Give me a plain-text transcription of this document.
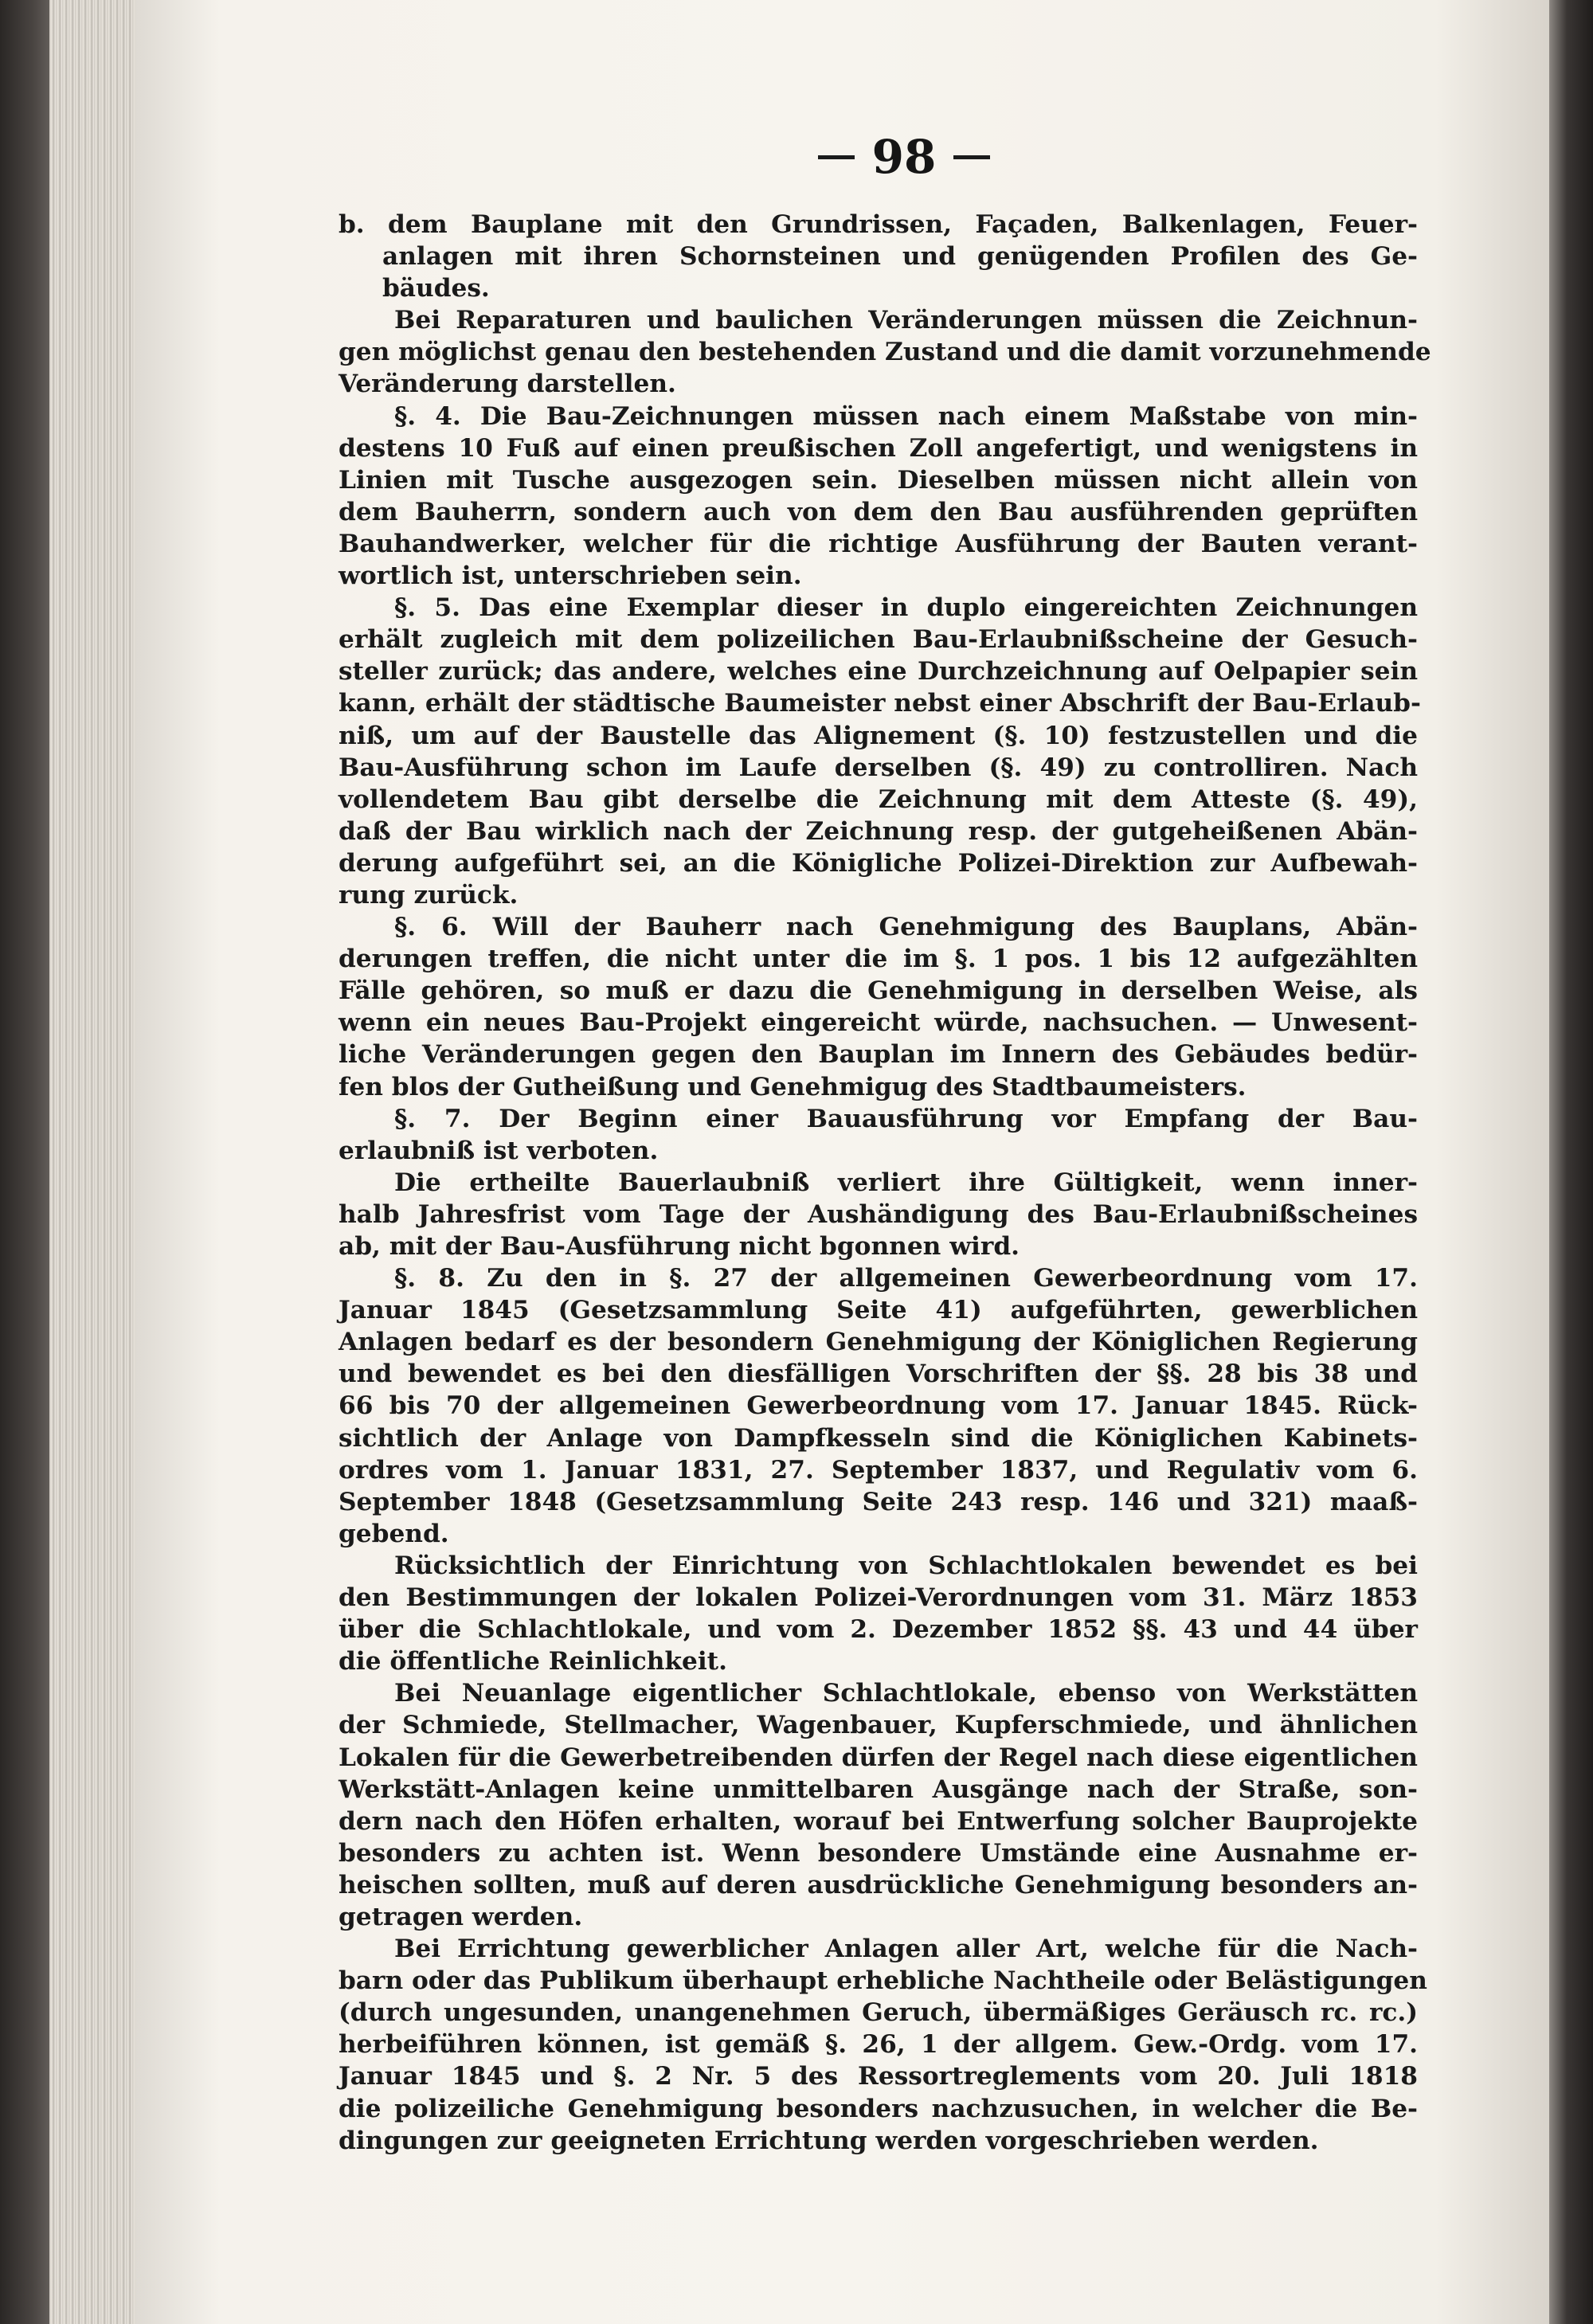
98

b. dem Bauplane mit den Grundrissen, Façaden, Balkenlagen, Feuer-

anlagen mit ihren Schornsteinen und genügenden Profilen des Ge-

bäudes.

Bei Reparaturen und baulichen Veränderungen müssen die Zeichnun-

gen möglichst genau den bestehenden Zustand und die damit vorzunehmende

Veränderung darstellen.

§. 4. Die Bau-Zeichnungen müssen nach einem Maßstabe von min-

destens 10 Fuß auf einen preußischen Zoll angefertigt, und wenigstens in

Linien mit Tusche ausgezogen sein. Dieselben müssen nicht allein von

dem Bauherrn, sondern auch von dem den Bau ausführenden geprüften

Bauhandwerker, welcher für die richtige Ausführung der Bauten verant-

wortlich ist, unterschrieben sein.

§. 5. Das eine Exemplar dieser in duplo eingereichten Zeichnungen

erhält zugleich mit dem polizeilichen Bau-Erlaubnißscheine der Gesuch-

steller zurück; das andere, welches eine Durchzeichnung auf Oelpapier sein

kann, erhält der städtische Baumeister nebst einer Abschrift der Bau-Erlaub-

niß, um auf der Baustelle das Alignement (§. 10) festzustellen und die

Bau-Ausführung schon im Laufe derselben (§. 49) zu controlliren. Nach

vollendetem Bau gibt derselbe die Zeichnung mit dem Atteste (§. 49),

daß der Bau wirklich nach der Zeichnung resp. der gutgeheißenen Abän-

derung aufgeführt sei, an die Königliche Polizei-Direktion zur Aufbewah-

rung zurück.

§. 6. Will der Bauherr nach Genehmigung des Bauplans, Abän-

derungen treffen, die nicht unter die im §. 1 pos. 1 bis 12 aufgezählten

Fälle gehören, so muß er dazu die Genehmigung in derselben Weise, als

wenn ein neues Bau-Projekt eingereicht würde, nachsuchen. — Unwesent-

liche Veränderungen gegen den Bauplan im Innern des Gebäudes bedür-

fen blos der Gutheißung und Genehmigug des Stadtbaumeisters.

§. 7. Der Beginn einer Bauausführung vor Empfang der Bau-

erlaubniß ist verboten.

Die ertheilte Bauerlaubniß verliert ihre Gültigkeit, wenn inner-

halb Jahresfrist vom Tage der Aushändigung des Bau-Erlaubnißscheines

ab, mit der Bau-Ausführung nicht bgonnen wird.

§. 8. Zu den in §. 27 der allgemeinen Gewerbeordnung vom 17.

Januar 1845 (Gesetzsammlung Seite 41) aufgeführten, gewerblichen

Anlagen bedarf es der besondern Genehmigung der Königlichen Regierung

und bewendet es bei den diesfälligen Vorschriften der §§. 28 bis 38 und

66 bis 70 der allgemeinen Gewerbeordnung vom 17. Januar 1845. Rück-

sichtlich der Anlage von Dampfkesseln sind die Königlichen Kabinets-

ordres vom 1. Januar 1831, 27. September 1837, und Regulativ vom 6.

September 1848 (Gesetzsammlung Seite 243 resp. 146 und 321) maaß-

gebend.

Rücksichtlich der Einrichtung von Schlachtlokalen bewendet es bei

den Bestimmungen der lokalen Polizei-Verordnungen vom 31. März 1853

über die Schlachtlokale, und vom 2. Dezember 1852 §§. 43 und 44 über

die öffentliche Reinlichkeit.

Bei Neuanlage eigentlicher Schlachtlokale, ebenso von Werkstätten

der Schmiede, Stellmacher, Wagenbauer, Kupferschmiede, und ähnlichen

Lokalen für die Gewerbetreibenden dürfen der Regel nach diese eigentlichen

Werkstätt-Anlagen keine unmittelbaren Ausgänge nach der Straße, son-

dern nach den Höfen erhalten, worauf bei Entwerfung solcher Bauprojekte

besonders zu achten ist. Wenn besondere Umstände eine Ausnahme er-

heischen sollten, muß auf deren ausdrückliche Genehmigung besonders an-

getragen werden.

Bei Errichtung gewerblicher Anlagen aller Art, welche für die Nach-

barn oder das Publikum überhaupt erhebliche Nachtheile oder Belästigungen

(durch ungesunden, unangenehmen Geruch, übermäßiges Geräusch rc. rc.)

herbeiführen können, ist gemäß §. 26, 1 der allgem. Gew.-Ordg. vom 17.

Januar 1845 und §. 2 Nr. 5 des Ressortreglements vom 20. Juli 1818

die polizeiliche Genehmigung besonders nachzusuchen, in welcher die Be-

dingungen zur geeigneten Errichtung werden vorgeschrieben werden.
